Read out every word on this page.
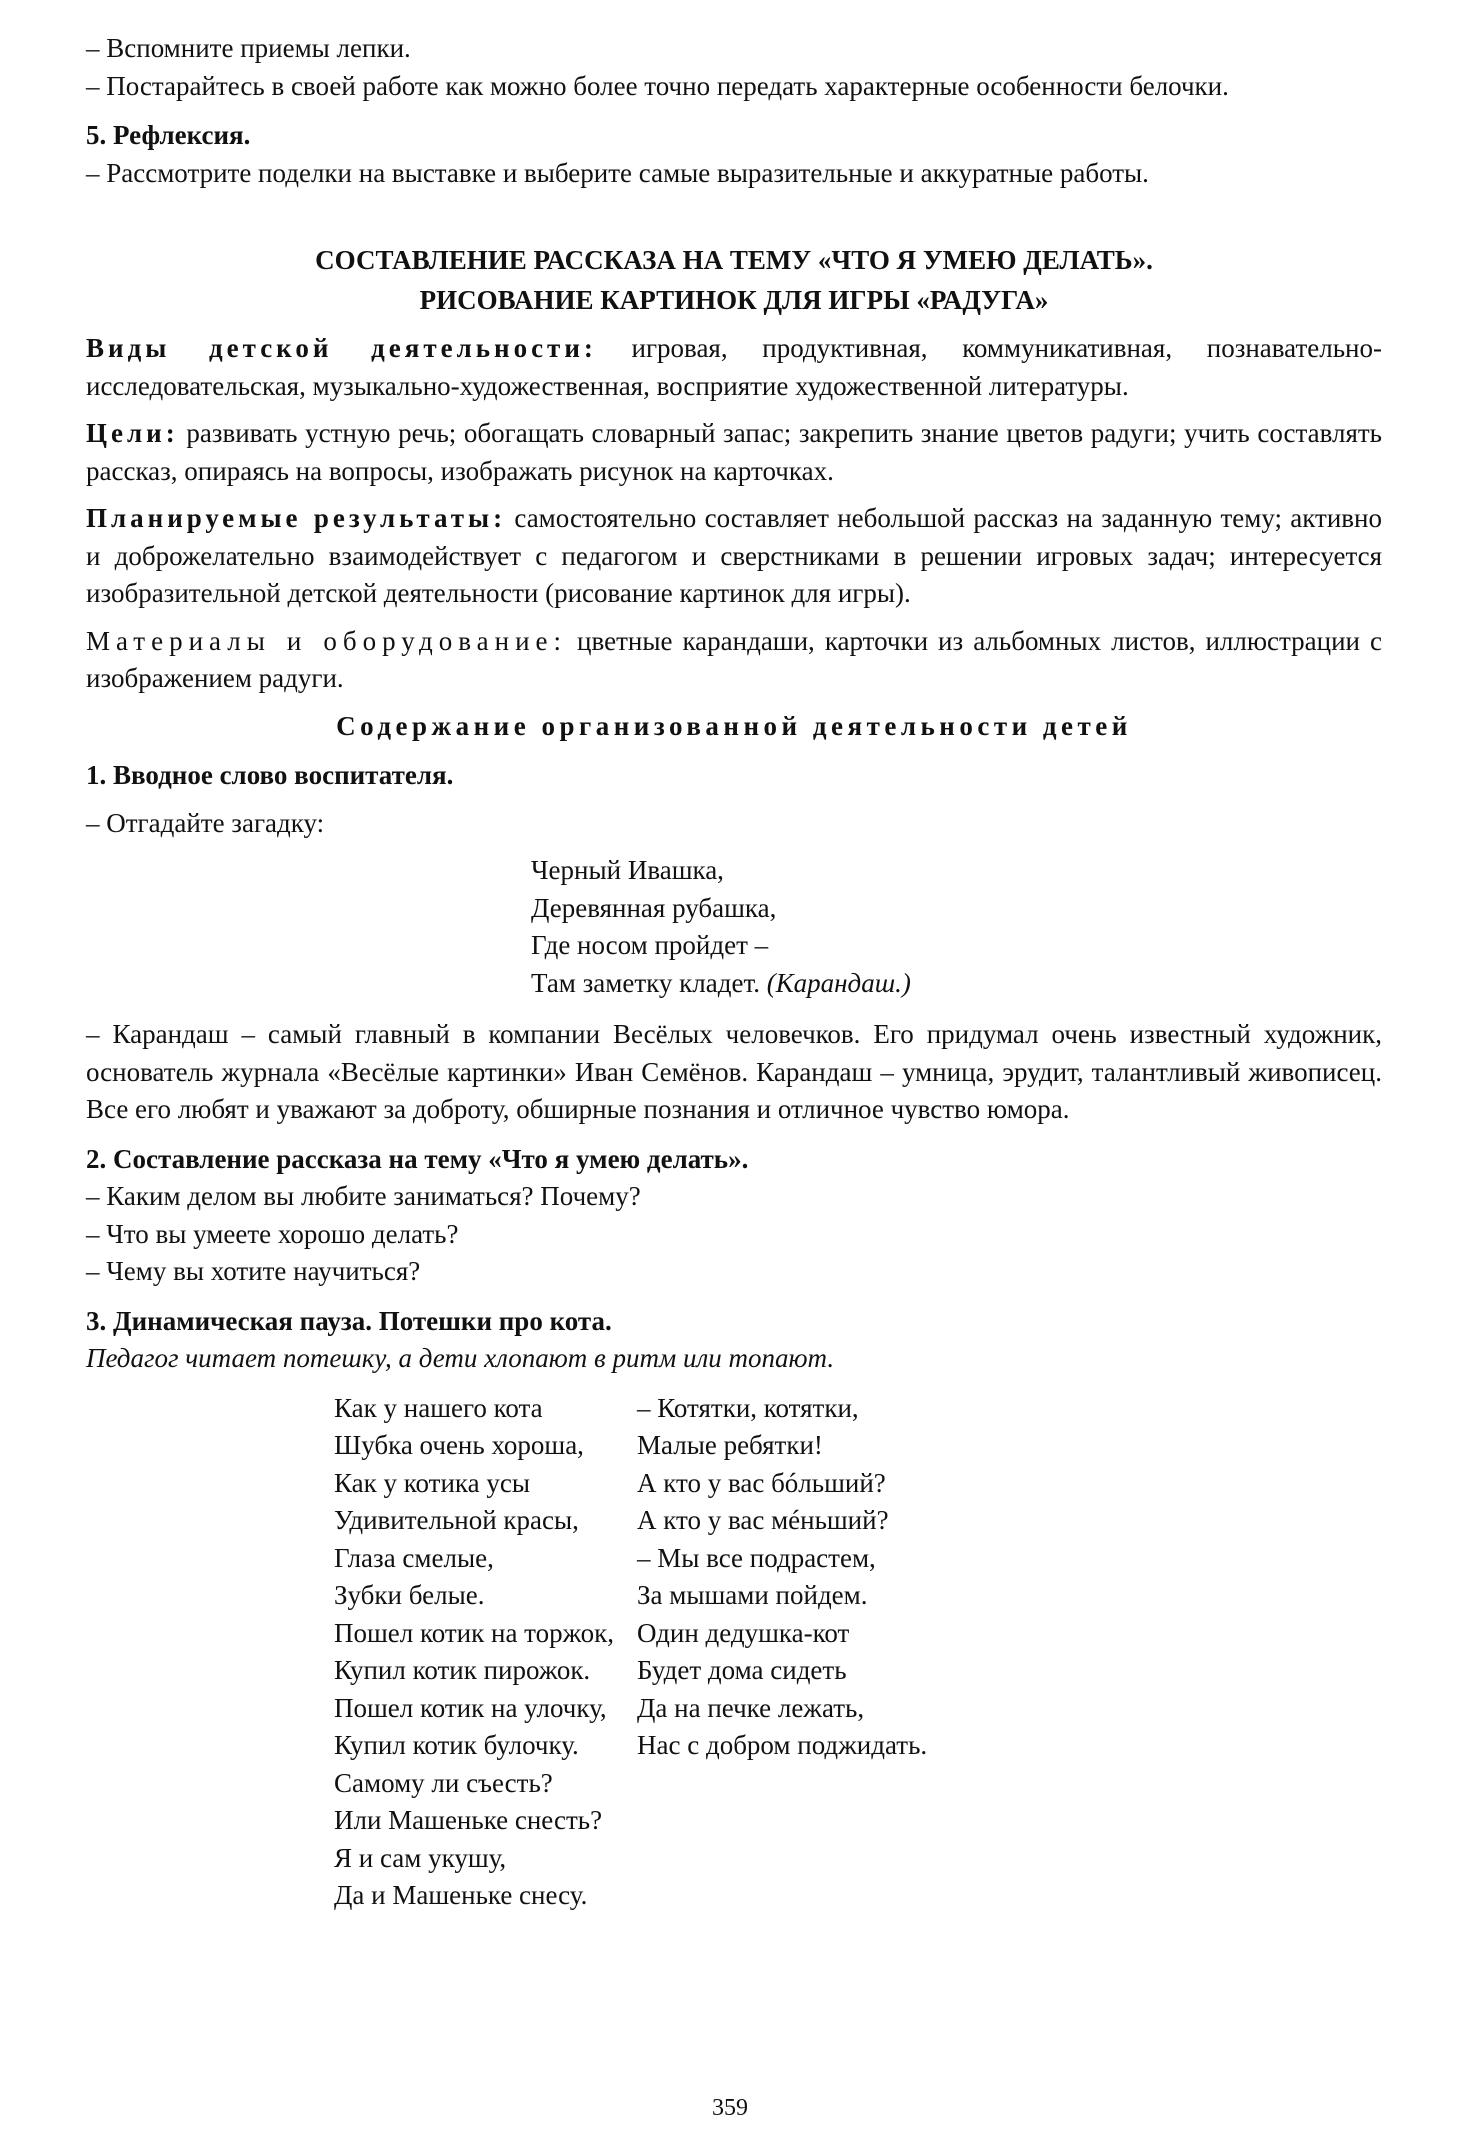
– Вспомните приемы лепки.

– Постарайтесь в своей работе как можно более точно передать характерные особенности белочки.

5. Рефлексия.

– Рассмотрите поделки на выставке и выберите самые выразительные и аккуратные работы.

СОСТАВЛЕНИЕ РАССКАЗА НА ТЕМУ «ЧТО Я УМЕЮ ДЕЛАТЬ».
РИСОВАНИЕ КАРТИНОК ДЛЯ ИГРЫ «РАДУГА»

Виды детской деятельности: игровая, продуктивная, коммуникативная, познавательно-исследовательская, музыкально-художественная, восприятие художественной литературы.

Цели: развивать устную речь; обогащать словарный запас; закрепить знание цветов радуги; учить составлять рассказ, опираясь на вопросы, изображать рисунок на карточках.

Планируемые результаты: самостоятельно составляет небольшой рассказ на заданную тему; активно и доброжелательно взаимодействует с педагогом и сверстниками в решении игровых задач; интересуется изобразительной детской деятельности (рисование картинок для игры).

Материалы и оборудование: цветные карандаши, карточки из альбомных листов, иллюстрации с изображением радуги.

Содержание организованной деятельности детей

1. Вводное слово воспитателя.

– Отгадайте загадку:

Черный Ивашка,
Деревянная рубашка,
Где носом пройдет –
Там заметку кладет. (Карандаш.)

– Карандаш – самый главный в компании Весёлых человечков. Его придумал очень известный художник, основатель журнала «Весёлые картинки» Иван Семёнов. Карандаш – умница, эрудит, талантливый живописец. Все его любят и уважают за доброту, обширные познания и отличное чувство юмора.

2. Составление рассказа на тему «Что я умею делать».

– Каким делом вы любите заниматься? Почему?

– Что вы умеете хорошо делать?

– Чему вы хотите научиться?

3. Динамическая пауза. Потешки про кота.

Педагог читает потешку, а дети хлопают в ритм или топают.

Как у нашего кота
Шубка очень хороша,
Как у котика усы
Удивительной красы,
Глаза смелые,
Зубки белые.
Пошел котик на торжок,
Купил котик пирожок.
Пошел котик на улочку,
Купил котик булочку.
Самому ли съесть?
Или Машеньке снесть?
Я и сам укушу,
Да и Машеньке снесу.
– Котятки, котятки,
Малые ребятки!
А кто у вас бóльший?
А кто у вас мéньший?
– Мы все подрастем,
За мышами пойдем.
Один дедушка-кот
Будет дома сидеть
Да на печке лежать,
Нас с добром поджидать.
359
